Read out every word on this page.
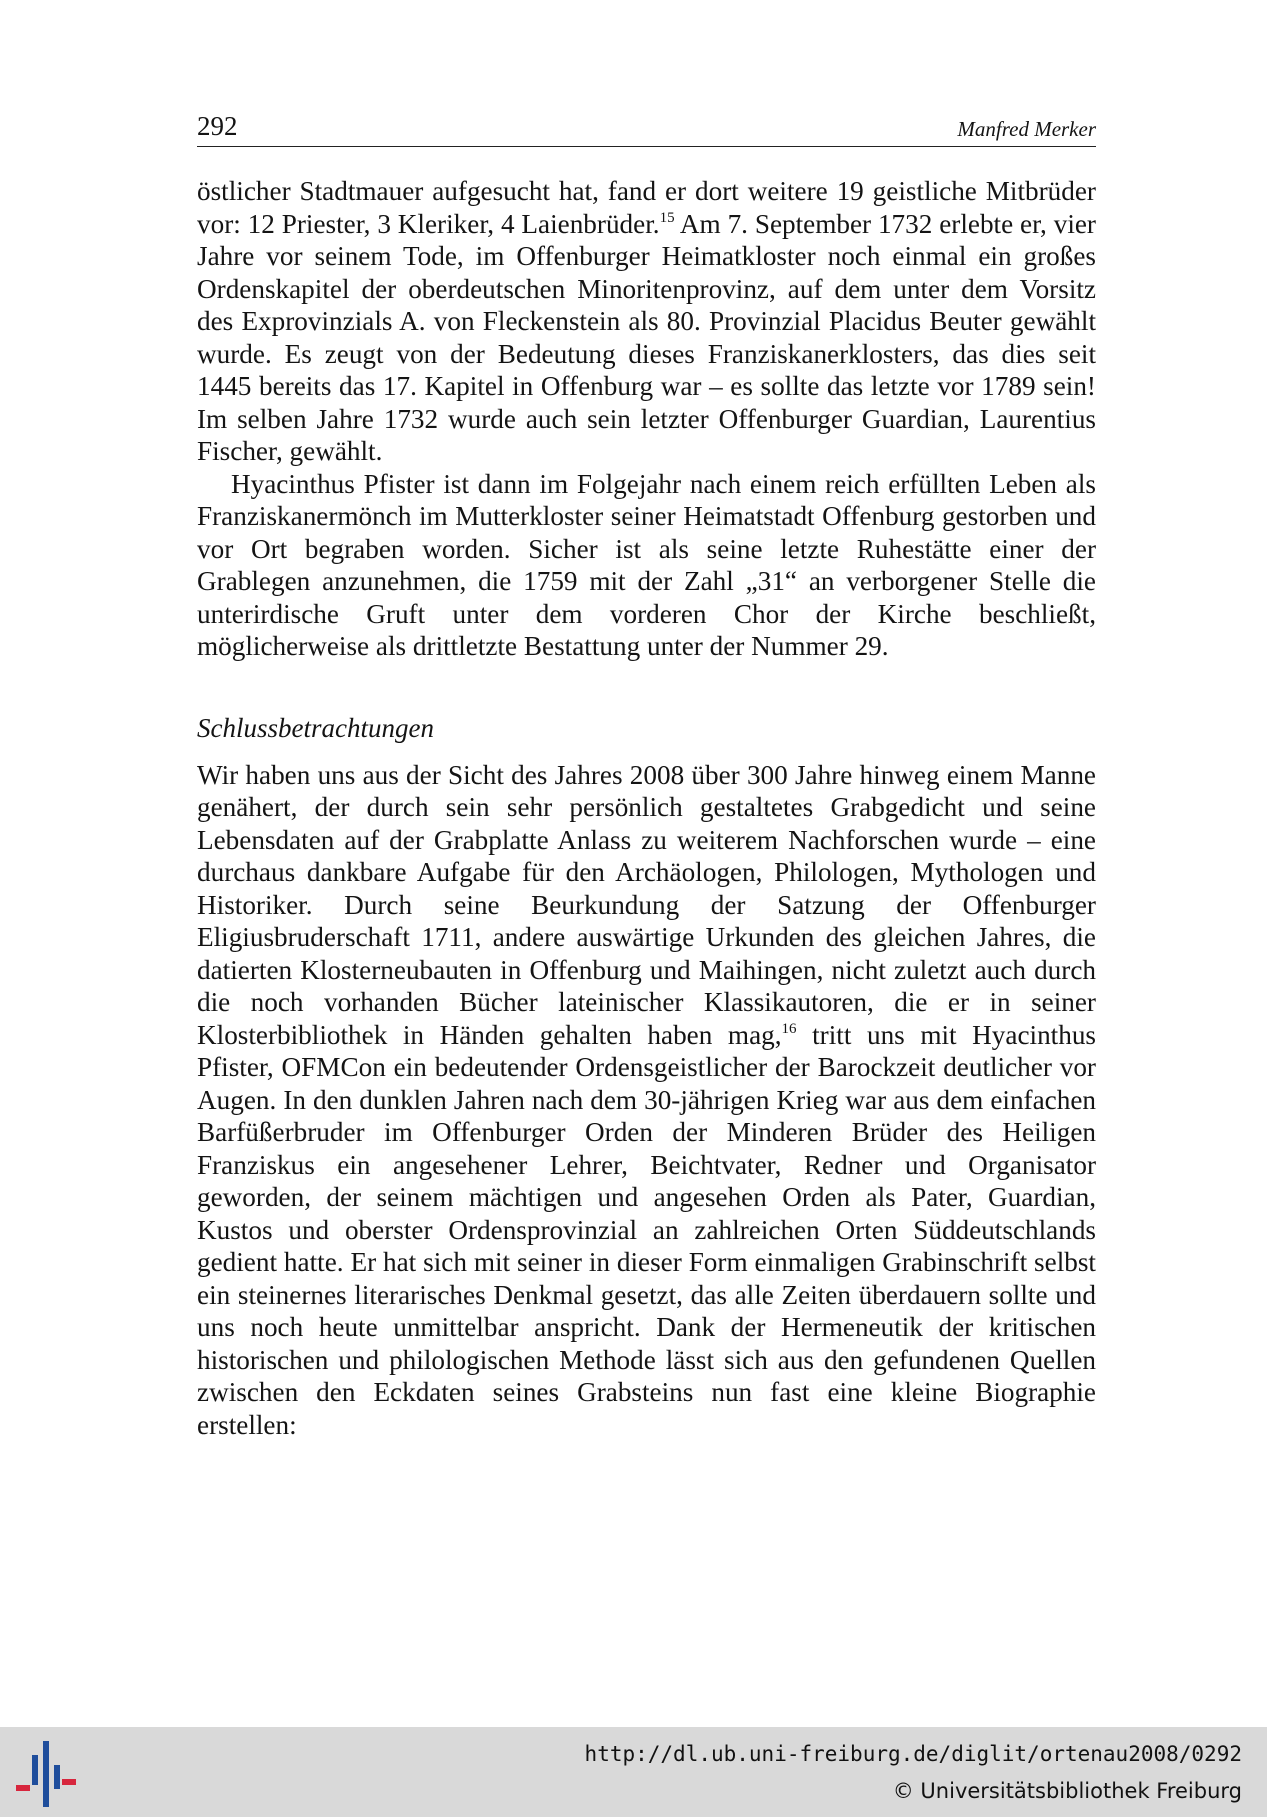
292	Manfred Merker

östlicher Stadtmauer aufgesucht hat, fand er dort weitere 19 geistliche Mitbrüder vor: 12 Priester, 3 Kleriker, 4 Laienbrüder.$^{15}$ Am 7. September 1732 erlebte er, vier Jahre vor seinem Tode, im Offenburger Heimatkloster noch einmal ein großes Ordenskapitel der oberdeutschen Minoritenprovinz, auf dem unter dem Vorsitz des Exprovinzials A. von Fleckenstein als 80. Provinzial Placidus Beuter gewählt wurde. Es zeugt von der Bedeutung dieses Franziskanerklosters, das dies seit 1445 bereits das 17. Kapitel in Offenburg war – es sollte das letzte vor 1789 sein! Im selben Jahre 1732 wurde auch sein letzter Offenburger Guardian, Laurentius Fischer, gewählt.

Hyacinthus Pfister ist dann im Folgejahr nach einem reich erfüllten Leben als Franziskanermönch im Mutterkloster seiner Heimatstadt Offenburg gestorben und vor Ort begraben worden. Sicher ist als seine letzte Ruhestätte einer der Grablegen anzunehmen, die 1759 mit der Zahl „31“ an verborgener Stelle die unterirdische Gruft unter dem vorderen Chor der Kirche beschließt, möglicherweise als drittletzte Bestattung unter der Nummer 29.

Schlussbetrachtungen

Wir haben uns aus der Sicht des Jahres 2008 über 300 Jahre hinweg einem Manne genähert, der durch sein sehr persönlich gestaltetes Grabgedicht und seine Lebensdaten auf der Grabplatte Anlass zu weiterem Nachforschen wurde – eine durchaus dankbare Aufgabe für den Archäologen, Philologen, Mythologen und Historiker. Durch seine Beurkundung der Satzung der Offenburger Eligiusbruderschaft 1711, andere auswärtige Urkunden des gleichen Jahres, die datierten Klosterneubauten in Offenburg und Maihingen, nicht zuletzt auch durch die noch vorhanden Bücher lateinischer Klassikautoren, die er in seiner Klosterbibliothek in Händen gehalten haben mag,$^{16}$ tritt uns mit Hyacinthus Pfister, OFMCon ein bedeutender Ordensgeistlicher der Barockzeit deutlicher vor Augen. In den dunklen Jahren nach dem 30-jährigen Krieg war aus dem einfachen Barfüßerbruder im Offenburger Orden der Minderen Brüder des Heiligen Franziskus ein angesehener Lehrer, Beichtvater, Redner und Organisator geworden, der seinem mächtigen und angesehen Orden als Pater, Guardian, Kustos und oberster Ordensprovinzial an zahlreichen Orten Süddeutschlands gedient hatte. Er hat sich mit seiner in dieser Form einmaligen Grabinschrift selbst ein steinernes literarisches Denkmal gesetzt, das alle Zeiten überdauern sollte und uns noch heute unmittelbar anspricht. Dank der Hermeneutik der kritischen historischen und philologischen Methode lässt sich aus den gefundenen Quellen zwischen den Eckdaten seines Grabsteins nun fast eine kleine Biographie erstellen:

http://dl.ub.uni-freiburg.de/diglit/ortenau2008/0292
© Universitätsbibliothek Freiburg
